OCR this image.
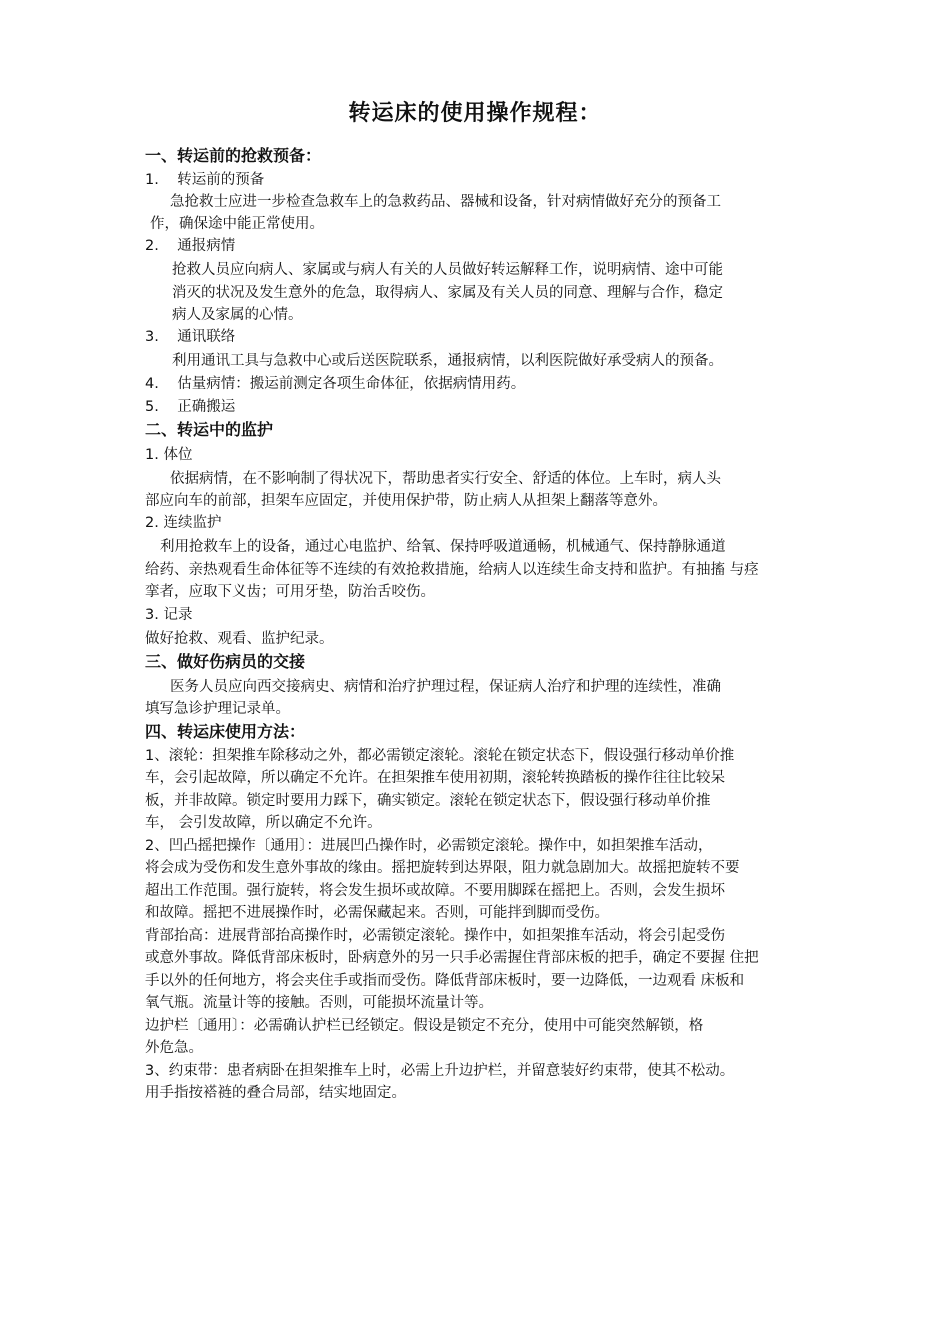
转运床的使用操作规程：
一、转运前的抢救预备：
1.    转运前的预备
急抢救士应进一步检查急救车上的急救药品、器械和设备，针对病情做好充分的预备工
作，确保途中能正常使用。
2.    通报病情
抢救人员应向病人、家属或与病人有关的人员做好转运解释工作，说明病情、途中可能
消灭的状况及发生意外的危急，取得病人、家属及有关人员的同意、理解与合作，稳定
病人及家属的心情。
3.    通讯联络
利用通讯工具与急救中心或后送医院联系，通报病情，以利医院做好承受病人的预备。
4.    估量病情：搬运前测定各项生命体征，依据病情用药。
5.    正确搬运
二、转运中的监护
1. 体位
依据病情，在不影响制了得状况下，帮助患者实行安全、舒适的体位。上车时，病人头
部应向车的前部，担架车应固定，并使用保护带，防止病人从担架上翻落等意外。
2. 连续监护
利用抢救车上的设备，通过心电监护、给氧、保持呼吸道通畅，机械通气、保持静脉通道
给药、亲热观看生命体征等不连续的有效抢救措施，给病人以连续生命支持和监护。有抽搐 与痉
挛者，应取下义齿；可用牙垫，防治舌咬伤。
3. 记录
做好抢救、观看、监护纪录。
三、做好伤病员的交接
医务人员应向西交接病史、病情和治疗护理过程，保证病人治疗和护理的连续性，准确
填写急诊护理记录单。
四、转运床使用方法：
1、滚轮：担架推车除移动之外，都必需锁定滚轮。滚轮在锁定状态下，假设强行移动单价推
车，会引起故障，所以确定不允许。在担架推车使用初期，滚轮转换踏板的操作往往比较呆
板，并非故障。锁定时要用力踩下，确实锁定。滚轮在锁定状态下，假设强行移动单价推
车， 会引发故障，所以确定不允许。
2、凹凸摇把操作〔通用〕：进展凹凸操作时，必需锁定滚轮。操作中，如担架推车活动，
将会成为受伤和发生意外事故的缘由。摇把旋转到达界限，阻力就急剧加大。故摇把旋转不要
超出工作范围。强行旋转，将会发生损坏或故障。不要用脚踩在摇把上。否则，会发生损坏
和故障。摇把不进展操作时，必需保藏起来。否则，可能拌到脚而受伤。
背部抬高：进展背部抬高操作时，必需锁定滚轮。操作中，如担架推车活动，将会引起受伤
或意外事故。降低背部床板时，卧病意外的另一只手必需握住背部床板的把手，确定不要握 住把
手以外的任何地方，将会夹住手或指而受伤。降低背部床板时，要一边降低，一边观看 床板和
氧气瓶。流量计等的接触。否则，可能损坏流量计等。
边护栏〔通用〕：必需确认护栏已经锁定。假设是锁定不充分，使用中可能突然解锁，格
外危急。
3、约束带：患者病卧在担架推车上时，必需上升边护栏，并留意装好约束带，使其不松动。
用手指按褡裢的叠合局部，结实地固定。
